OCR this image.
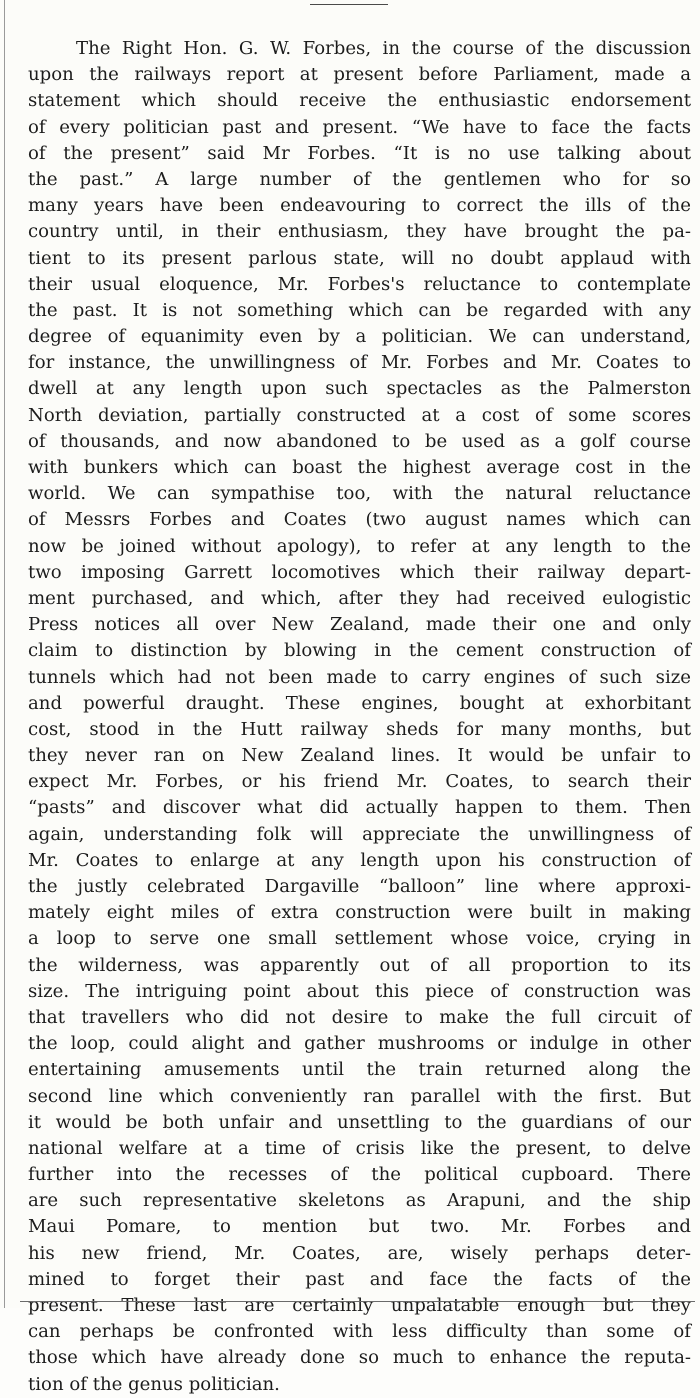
The Right Hon. G. W. Forbes, in the course of the discussion
upon the railways report at present before Parliament, made a
statement which should receive the enthusiastic endorsement
of every politician past and present. “We have to face the facts
of the present” said Mr Forbes. “It is no use talking about
the past.” A large number of the gentlemen who for so
many years have been endeavouring to correct the ills of the
country until, in their enthusiasm, they have brought the pa-
tient to its present parlous state, will no doubt applaud with
their usual eloquence, Mr. Forbes's reluctance to contemplate
the past. It is not something which can be regarded with any
degree of equanimity even by a politician. We can understand,
for instance, the unwillingness of Mr. Forbes and Mr. Coates to
dwell at any length upon such spectacles as the Palmerston
North deviation, partially constructed at a cost of some scores
of thousands, and now abandoned to be used as a golf course
with bunkers which can boast the highest average cost in the
world. We can sympathise too, with the natural reluctance
of Messrs Forbes and Coates (two august names which can
now be joined without apology), to refer at any length to the
two imposing Garrett locomotives which their railway depart-
ment purchased, and which, after they had received eulogistic
Press notices all over New Zealand, made their one and only
claim to distinction by blowing in the cement construction of
tunnels which had not been made to carry engines of such size
and powerful draught. These engines, bought at exhorbitant
cost, stood in the Hutt railway sheds for many months, but
they never ran on New Zealand lines. It would be unfair to
expect Mr. Forbes, or his friend Mr. Coates, to search their
“pasts” and discover what did actually happen to them. Then
again, understanding folk will appreciate the unwillingness of
Mr. Coates to enlarge at any length upon his construction of
the justly celebrated Dargaville “balloon” line where approxi-
mately eight miles of extra construction were built in making
a loop to serve one small settlement whose voice, crying in
the wilderness, was apparently out of all proportion to its
size. The intriguing point about this piece of construction was
that travellers who did not desire to make the full circuit of
the loop, could alight and gather mushrooms or indulge in other
entertaining amusements until the train returned along the
second line which conveniently ran parallel with the first. But
it would be both unfair and unsettling to the guardians of our
national welfare at a time of crisis like the present, to delve
further into the recesses of the political cupboard. There
are such representative skeletons as Arapuni, and the ship
Maui Pomare, to mention but two. Mr. Forbes and
his new friend, Mr. Coates, are, wisely perhaps deter-
mined to forget their past and face the facts of the
present. These last are certainly unpalatable enough but they
can perhaps be confronted with less difficulty than some of
those which have already done so much to enhance the reputa-
tion of the genus politician.
